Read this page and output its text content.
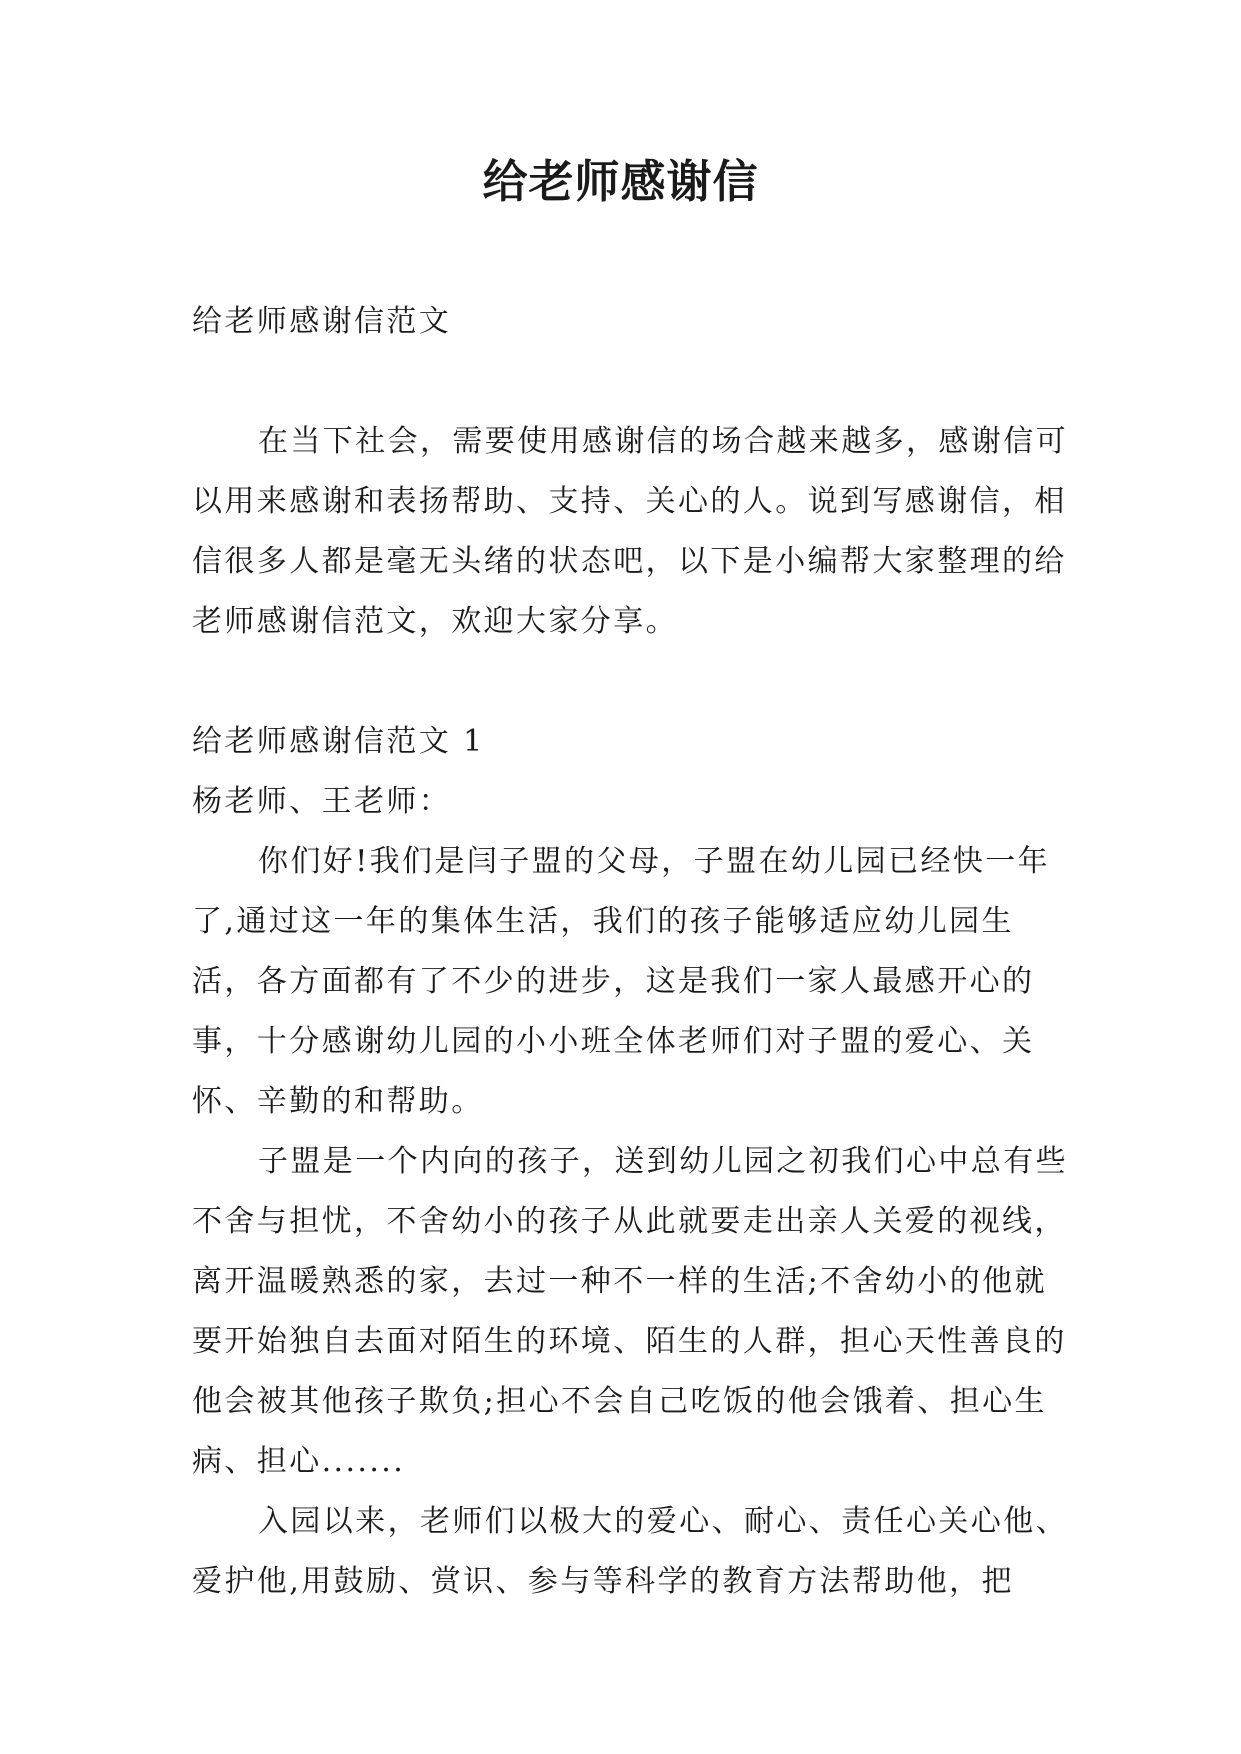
给老师感谢信

给老师感谢信范文

在当下社会，需要使用感谢信的场合越来越多，感谢信可以用来感谢和表扬帮助、支持、关心的人。说到写感谢信，相信很多人都是毫无头绪的状态吧，以下是小编帮大家整理的给老师感谢信范文，欢迎大家分享。

给老师感谢信范文 1

杨老师、王老师：

你们好!我们是闫子盟的父母，子盟在幼儿园已经快一年了,通过这一年的集体生活，我们的孩子能够适应幼儿园生活，各方面都有了不少的进步，这是我们一家人最感开心的事，十分感谢幼儿园的小小班全体老师们对子盟的爱心、关怀、辛勤的和帮助。

子盟是一个内向的孩子，送到幼儿园之初我们心中总有些不舍与担忧，不舍幼小的孩子从此就要走出亲人关爱的视线，离开温暖熟悉的家，去过一种不一样的生活;不舍幼小的他就要开始独自去面对陌生的环境、陌生的人群，担心天性善良的他会被其他孩子欺负;担心不会自己吃饭的他会饿着、担心生病、担心.......

入园以来，老师们以极大的爱心、耐心、责任心关心他、爱护他,用鼓励、赏识、参与等科学的教育方法帮助他，把
